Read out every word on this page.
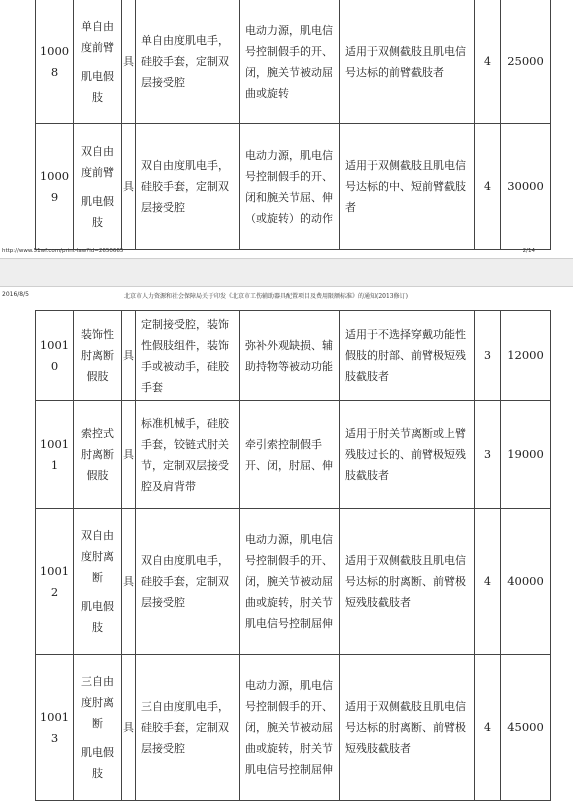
10008	单自由
度前臂
肌电假
肢	具	单自由度肌电手，硅胶手套，定制双层接受腔	电动力源，肌电信号控制假手的开、闭，腕关节被动屈曲或旋转	适用于双侧截肢且肌电信号达标的前臂截肢者	4	25000
10009	双自由
度前臂
肌电假
肢	具	双自由度肌电手，硅胶手套，定制双层接受腔	电动力源，肌电信号控制假手的开、闭和腕关节屈、伸（或旋转）的动作	适用于双侧截肢且肌电信号达标的中、短前臂截肢者	4	30000
http://www.51wf.com/print-law?id=2650665	2/14
2016/8/5	北京市人力资源和社会保障局关于印发《北京市工伤辅助器具配置项目及费用限额标准》的通知(2013修订)
10010	装饰性
肘离断
假肢	具	定制接受腔，装饰性假肢组件，装饰手或被动手，硅胶手套	弥补外观缺损、辅助持物等被动功能	适用于不选择穿戴功能性假肢的肘部、前臂极短残肢截肢者	3	12000
10011	索控式
肘离断
假肢	具	标准机械手，硅胶手套，铰链式肘关节，定制双层接受腔及肩背带	牵引索控制假手开、闭，肘屈、伸	适用于肘关节离断或上臂残肢过长的、前臂极短残肢截肢者	3	19000
10012	双自由
度肘离
断
肌电假
肢	具	双自由度肌电手，硅胶手套，定制双层接受腔	电动力源，肌电信号控制假手的开、闭，腕关节被动屈曲或旋转，肘关节肌电信号控制屈伸	适用于双侧截肢且肌电信号达标的肘离断、前臂极短残肢截肢者	4	40000
10013	三自由
度肘离
断
肌电假
肢	具	三自由度肌电手，硅胶手套，定制双层接受腔	电动力源，肌电信号控制假手的开、闭，腕关节被动屈曲或旋转，肘关节肌电信号控制屈伸	适用于双侧截肢且肌电信号达标的肘离断、前臂极短残肢截肢者	4	45000
